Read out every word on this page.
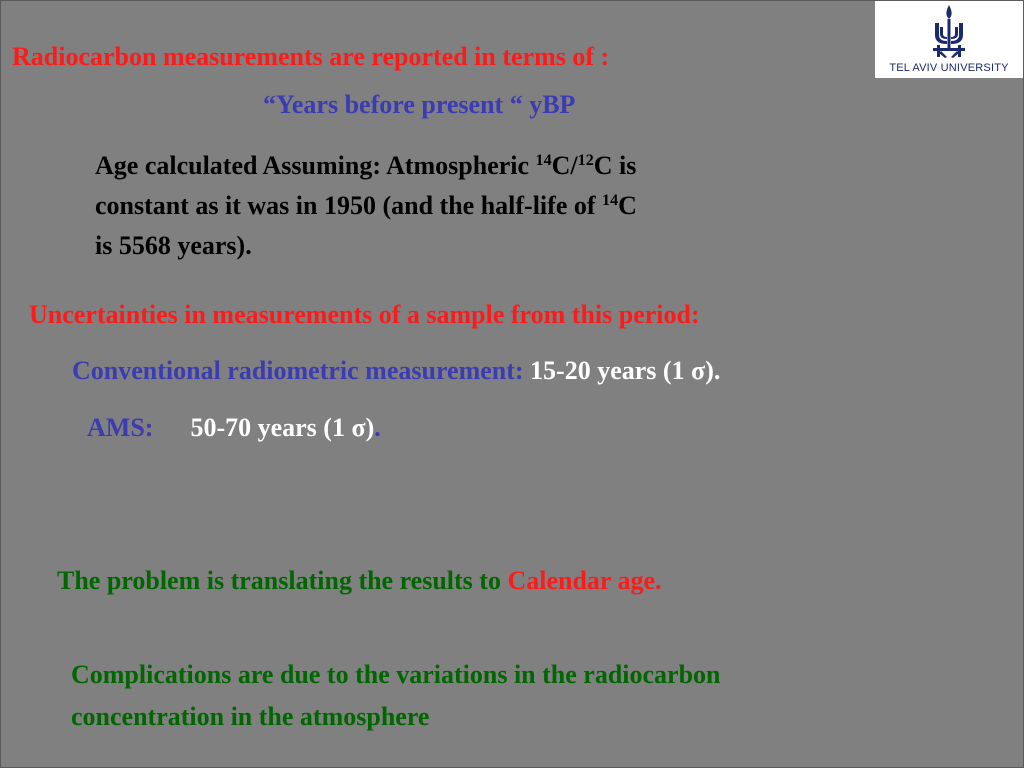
TEL AVIV UNIVERSITY
Radiocarbon measurements are reported in terms of :
“Years before present “ yBP
Age calculated Assuming: Atmospheric $^{14}$C/$^{12}$C is
constant as it was in 1950 (and the half-life of $^{14}$C
is 5568 years).
Uncertainties in measurements of a sample from this period:
Conventional radiometric measurement: 15-20 years (1 σ).
AMS: 50-70 years (1 σ).
The problem is translating the results to Calendar age.
Complications are due to the variations in the radiocarbon
concentration in the atmosphere
